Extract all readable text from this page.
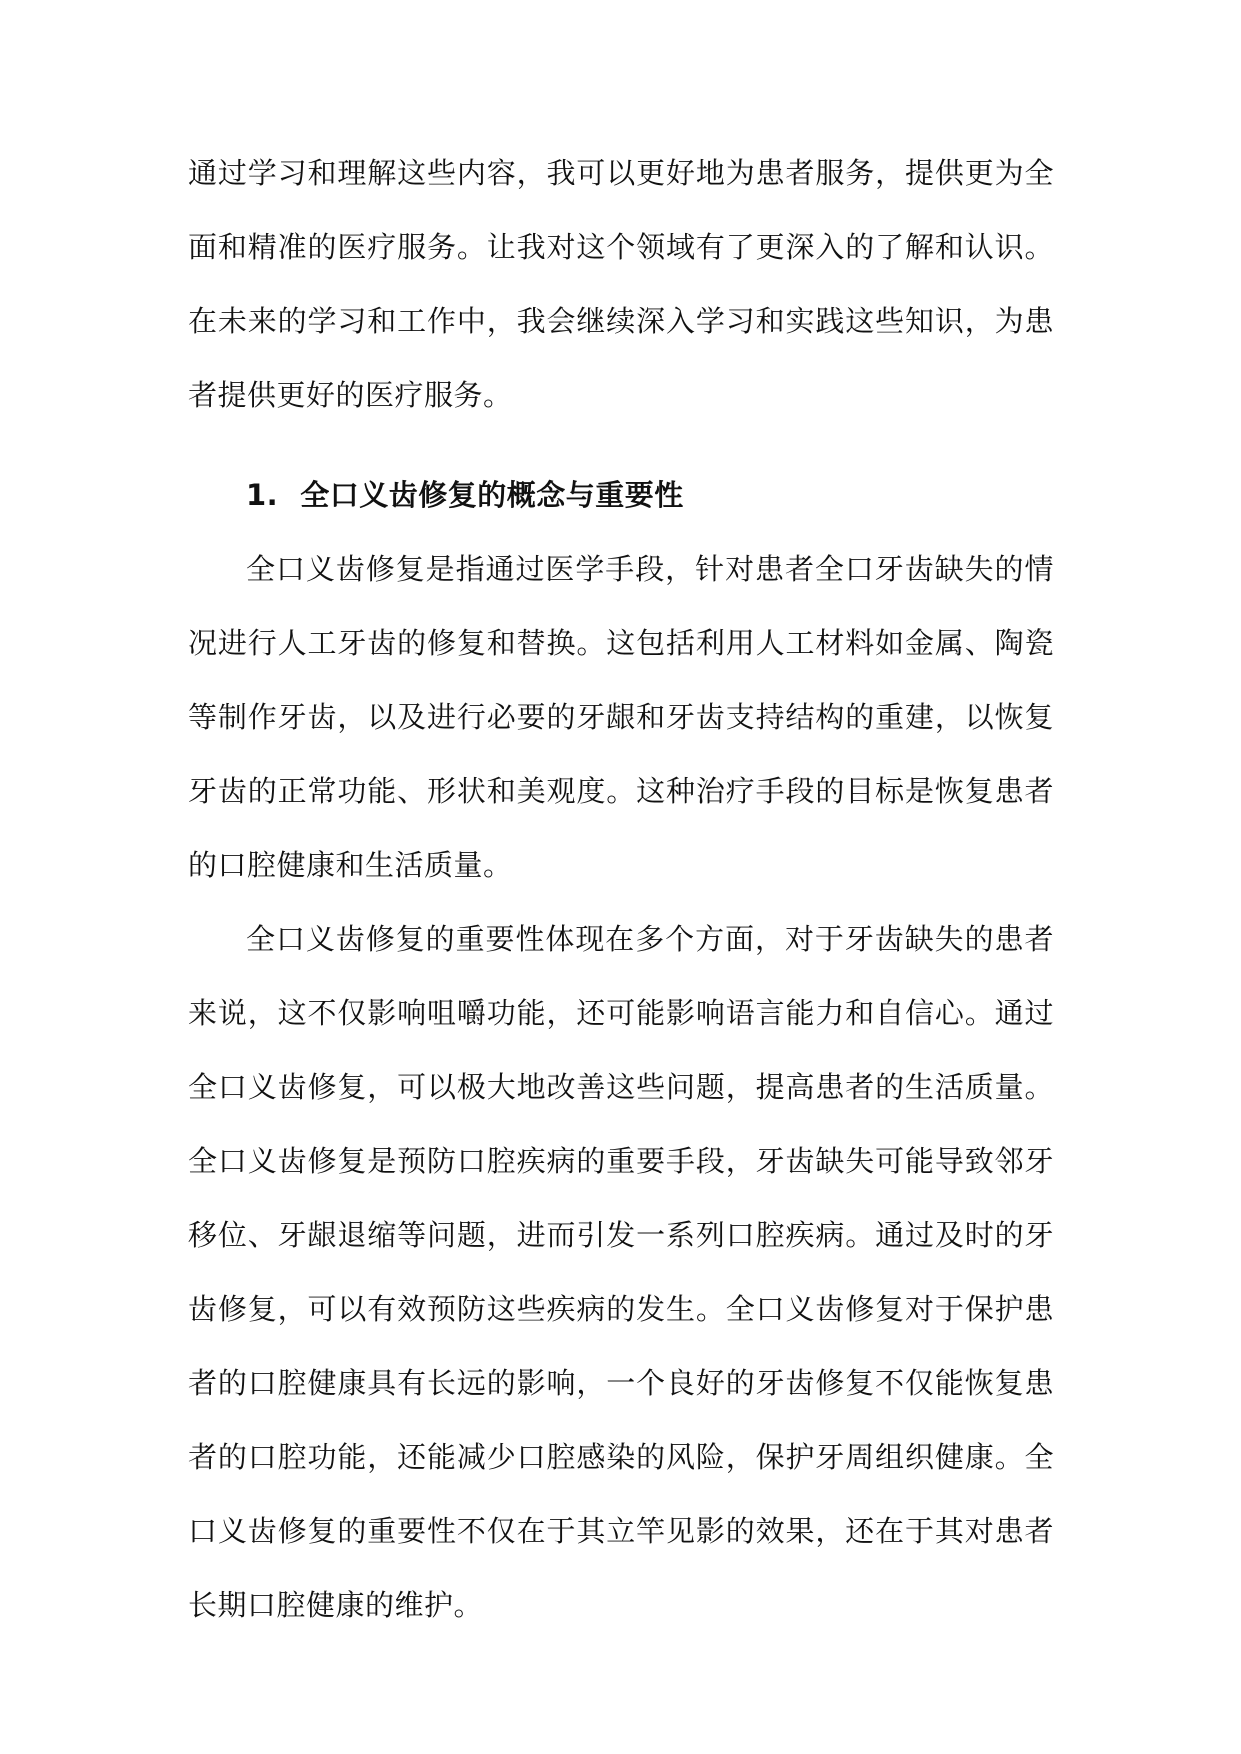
通过学习和理解这些内容，我可以更好地为患者服务，提供更为全面和精准的医疗服务。让我对这个领域有了更深入的了解和认识。在未来的学习和工作中，我会继续深入学习和实践这些知识，为患者提供更好的医疗服务。

1. 全口义齿修复的概念与重要性

全口义齿修复是指通过医学手段，针对患者全口牙齿缺失的情况进行人工牙齿的修复和替换。这包括利用人工材料如金属、陶瓷等制作牙齿，以及进行必要的牙龈和牙齿支持结构的重建，以恢复牙齿的正常功能、形状和美观度。这种治疗手段的目标是恢复患者的口腔健康和生活质量。

全口义齿修复的重要性体现在多个方面，对于牙齿缺失的患者来说，这不仅影响咀嚼功能，还可能影响语言能力和自信心。通过全口义齿修复，可以极大地改善这些问题，提高患者的生活质量。全口义齿修复是预防口腔疾病的重要手段，牙齿缺失可能导致邻牙移位、牙龈退缩等问题，进而引发一系列口腔疾病。通过及时的牙齿修复，可以有效预防这些疾病的发生。全口义齿修复对于保护患者的口腔健康具有长远的影响，一个良好的牙齿修复不仅能恢复患者的口腔功能，还能减少口腔感染的风险，保护牙周组织健康。全口义齿修复的重要性不仅在于其立竿见影的效果，还在于其对患者长期口腔健康的维护。
